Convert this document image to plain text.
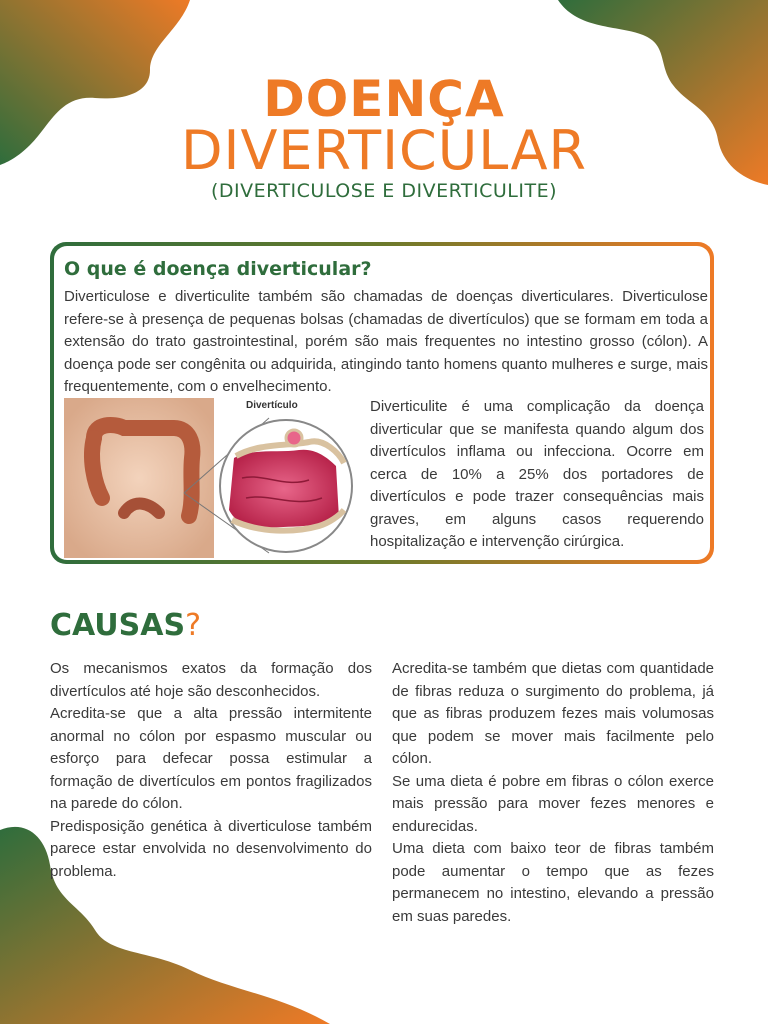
DOENÇA
DIVERTICULAR
(DIVERTICULOSE E DIVERTICULITE)
O que é doença diverticular?
Diverticulose e diverticulite também são chamadas de doenças diverticulares. Diverticulose refere-se à presença de pequenas bolsas (chamadas de divertículos) que se formam em toda a extensão do trato gastrointestinal, porém são mais frequentes no intestino grosso (cólon). A doença pode ser congênita ou adquirida, atingindo tanto homens quanto mulheres e surge, mais frequentemente, com o envelhecimento.
Divertículo	Diverticulite é uma complicação da doença diverticular que se manifesta quando algum dos divertículos inflama ou infecciona. Ocorre em cerca de 10% a 25% dos portadores de divertículos e pode trazer consequências mais graves, em alguns casos requerendo hospitalização e intervenção cirúrgica.
CAUSAS?

Os mecanismos exatos da formação dos divertículos até hoje são desconhecidos.

Acredita-se que a alta pressão intermitente anormal no cólon por espasmo muscular ou esforço para defecar possa estimular a formação de divertículos em pontos fragilizados na parede do cólon.

Predisposição genética à diverticulose também parece estar envolvida no desenvolvimento do problema.

Acredita-se também que dietas com quantidade de fibras reduza o surgimento do problema, já que as fibras produzem fezes mais volumosas que podem se mover mais facilmente pelo cólon.

Se uma dieta é pobre em fibras o cólon exerce mais pressão para mover fezes menores e endurecidas.

Uma dieta com baixo teor de fibras também pode aumentar o tempo que as fezes permanecem no intestino, elevando a pressão em suas paredes.
